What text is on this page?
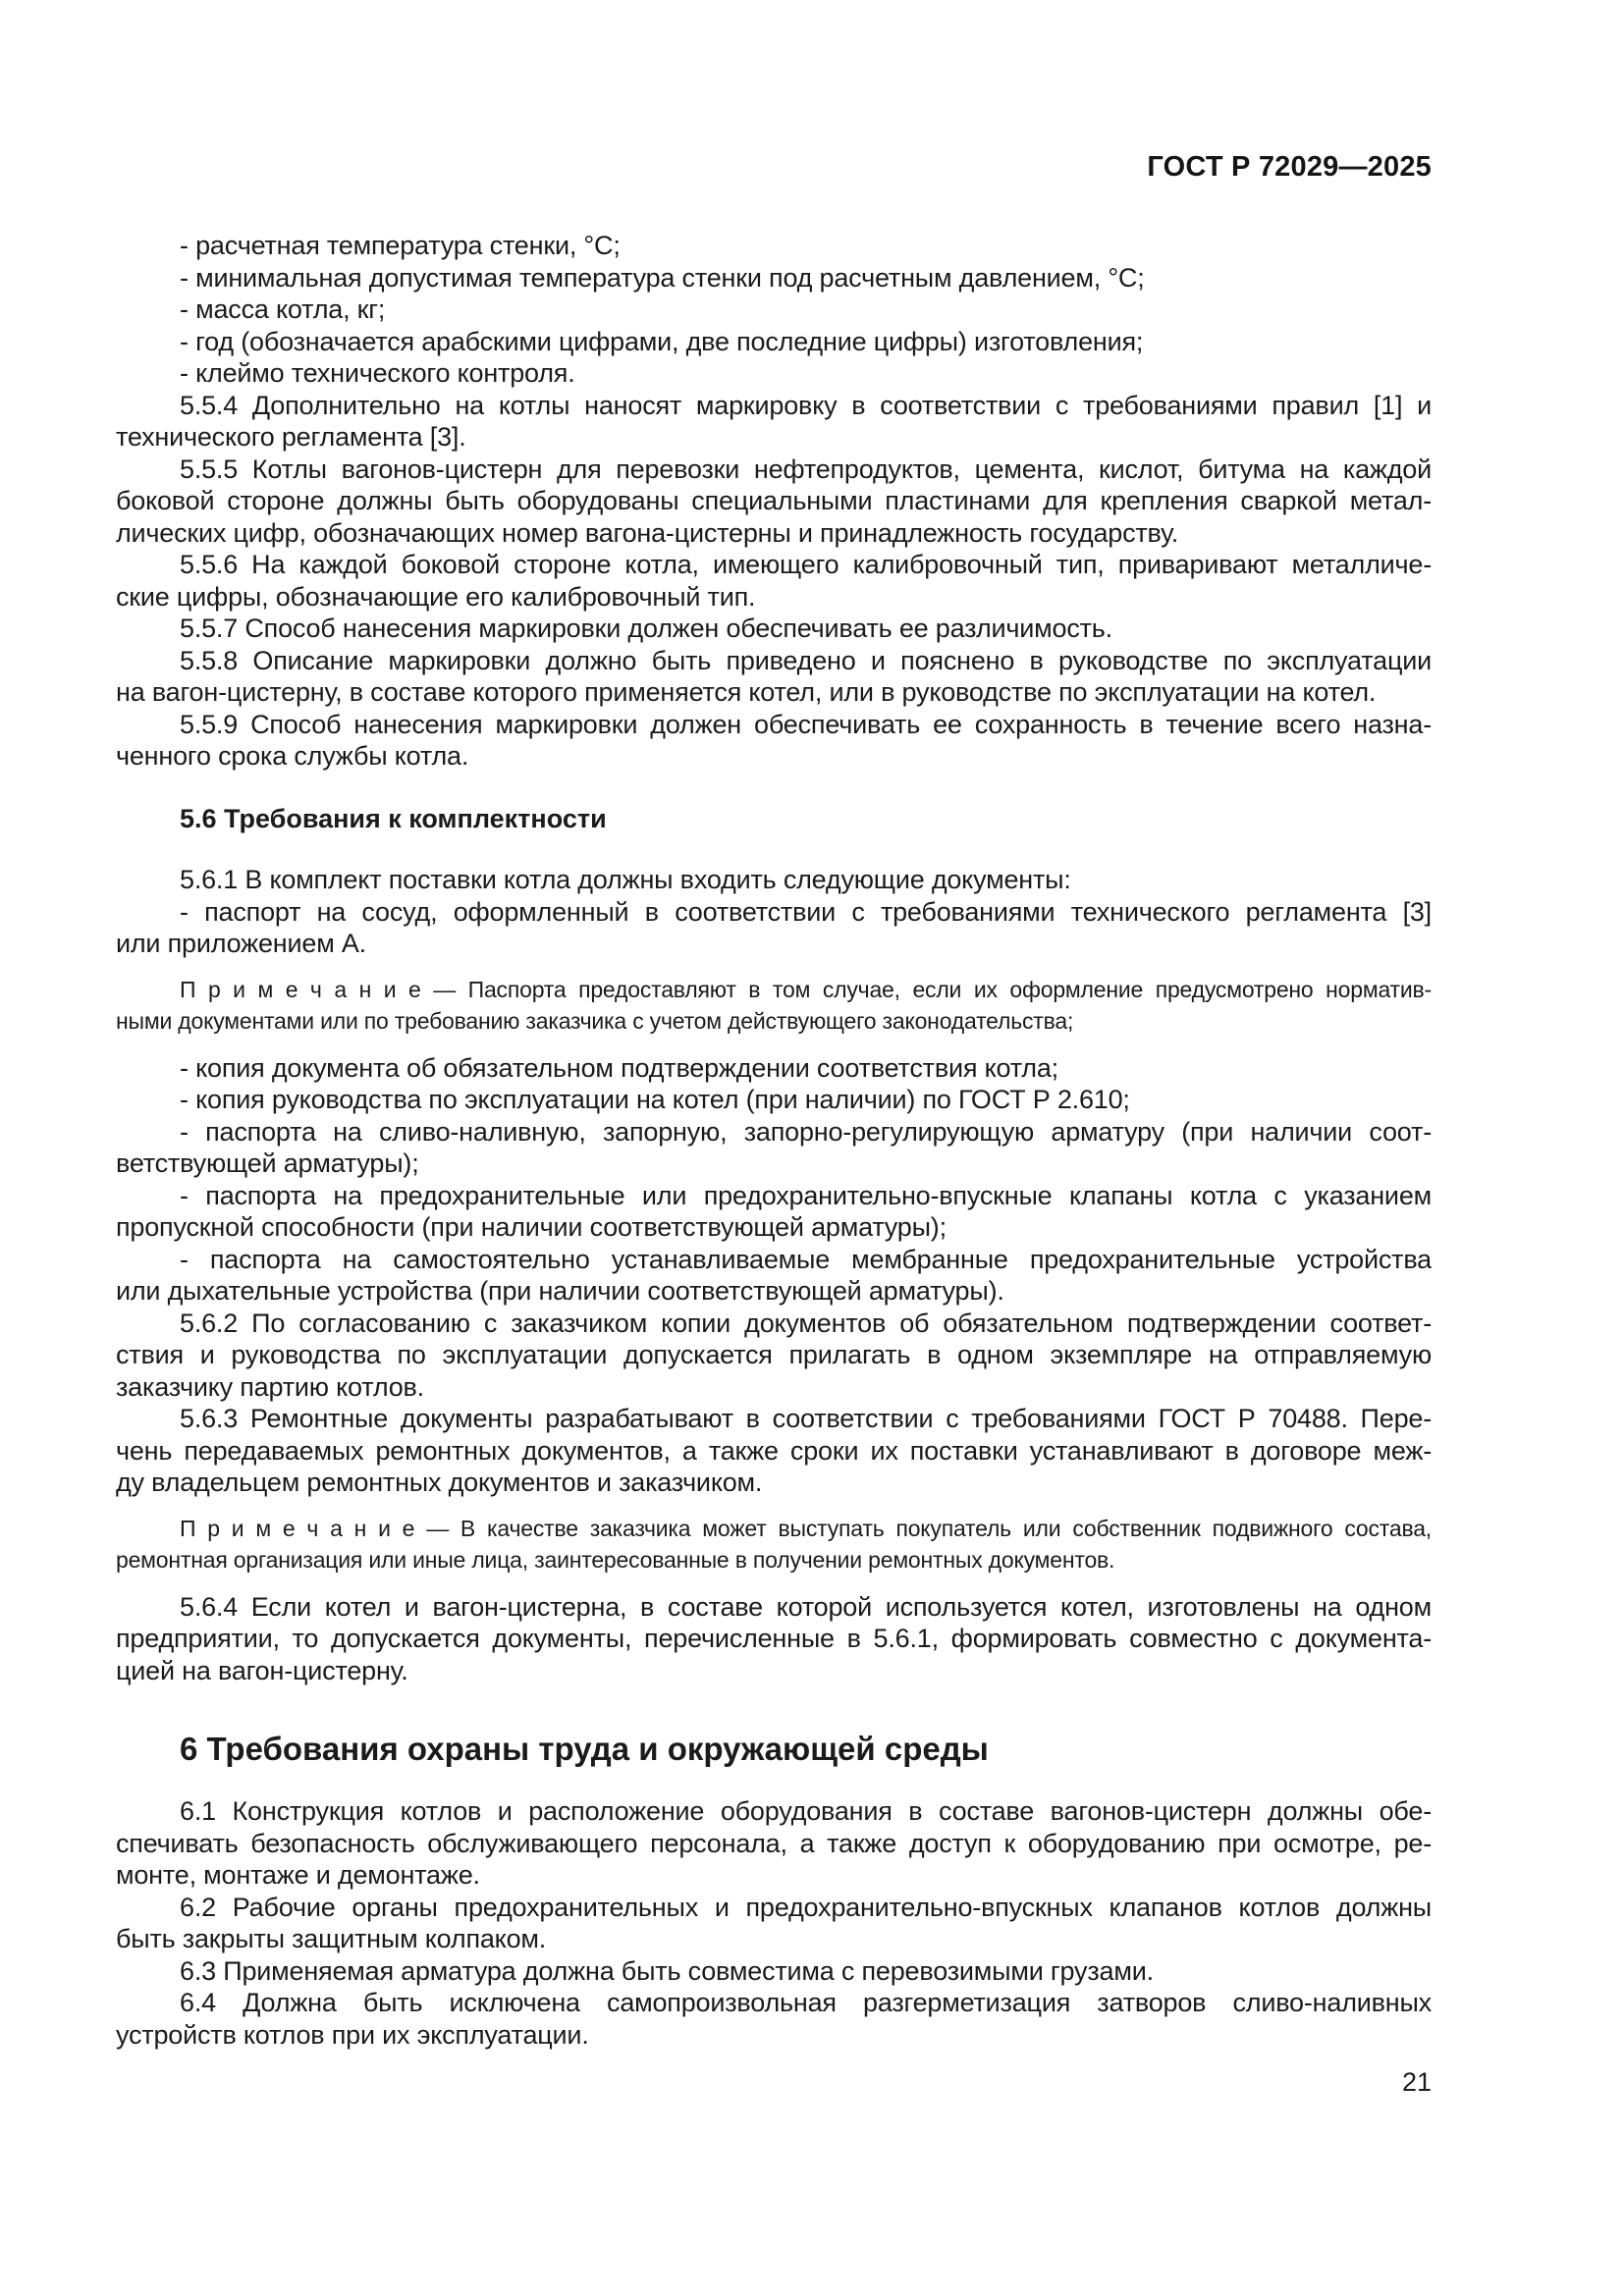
ГОСТ Р 72029—2025
- расчетная температура стенки, °С;
- минимальная допустимая температура стенки под расчетным давлением, °С;
- масса котла, кг;
- год (обозначается арабскими цифрами, две последние цифры) изготовления;
- клеймо технического контроля.
5.5.4 Дополнительно на котлы наносят маркировку в соответствии с требованиями правил [1] и
технического регламента [3].
5.5.5 Котлы вагонов-цистерн для перевозки нефтепродуктов, цемента, кислот, битума на каждой
боковой стороне должны быть оборудованы специальными пластинами для крепления сваркой метал-
лических цифр, обозначающих номер вагона-цистерны и принадлежность государству.
5.5.6 На каждой боковой стороне котла, имеющего калибровочный тип, приваривают металличе-
ские цифры, обозначающие его калибровочный тип.
5.5.7 Способ нанесения маркировки должен обеспечивать ее различимость.
5.5.8 Описание маркировки должно быть приведено и пояснено в руководстве по эксплуатации
на вагон-цистерну, в составе которого применяется котел, или в руководстве по эксплуатации на котел.
5.5.9 Способ нанесения маркировки должен обеспечивать ее сохранность в течение всего назна-
ченного срока службы котла.
5.6 Требования к комплектности
5.6.1 В комплект поставки котла должны входить следующие документы:
- паспорт на сосуд, оформленный в соответствии с требованиями технического регламента [3]
или приложением А.
П р и м е ч а н и е — Паспорта предоставляют в том случае, если их оформление предусмотрено норматив-
ными документами или по требованию заказчика с учетом действующего законодательства;
- копия документа об обязательном подтверждении соответствия котла;
- копия руководства по эксплуатации на котел (при наличии) по ГОСТ Р 2.610;
- паспорта на сливо-наливную, запорную, запорно-регулирующую арматуру (при наличии соот-
ветствующей арматуры);
- паспорта на предохранительные или предохранительно-впускные клапаны котла с указанием
пропускной способности (при наличии соответствующей арматуры);
- паспорта на самостоятельно устанавливаемые мембранные предохранительные устройства
или дыхательные устройства (при наличии соответствующей арматуры).
5.6.2 По согласованию с заказчиком копии документов об обязательном подтверждении соответ-
ствия и руководства по эксплуатации допускается прилагать в одном экземпляре на отправляемую
заказчику партию котлов.
5.6.3 Ремонтные документы разрабатывают в соответствии с требованиями ГОСТ Р 70488. Пере-
чень передаваемых ремонтных документов, а также сроки их поставки устанавливают в договоре меж-
ду владельцем ремонтных документов и заказчиком.
П р и м е ч а н и е — В качестве заказчика может выступать покупатель или собственник подвижного состава,
ремонтная организация или иные лица, заинтересованные в получении ремонтных документов.
5.6.4 Если котел и вагон-цистерна, в составе которой используется котел, изготовлены на одном
предприятии, то допускается документы, перечисленные в 5.6.1, формировать совместно с документа-
цией на вагон-цистерну.
6 Требования охраны труда и окружающей среды
6.1 Конструкция котлов и расположение оборудования в составе вагонов-цистерн должны обе-
спечивать безопасность обслуживающего персонала, а также доступ к оборудованию при осмотре, ре-
монте, монтаже и демонтаже.
6.2 Рабочие органы предохранительных и предохранительно-впускных клапанов котлов должны
быть закрыты защитным колпаком.
6.3 Применяемая арматура должна быть совместима с перевозимыми грузами.
6.4 Должна быть исключена самопроизвольная разгерметизация затворов сливо-наливных
устройств котлов при их эксплуатации.
21
